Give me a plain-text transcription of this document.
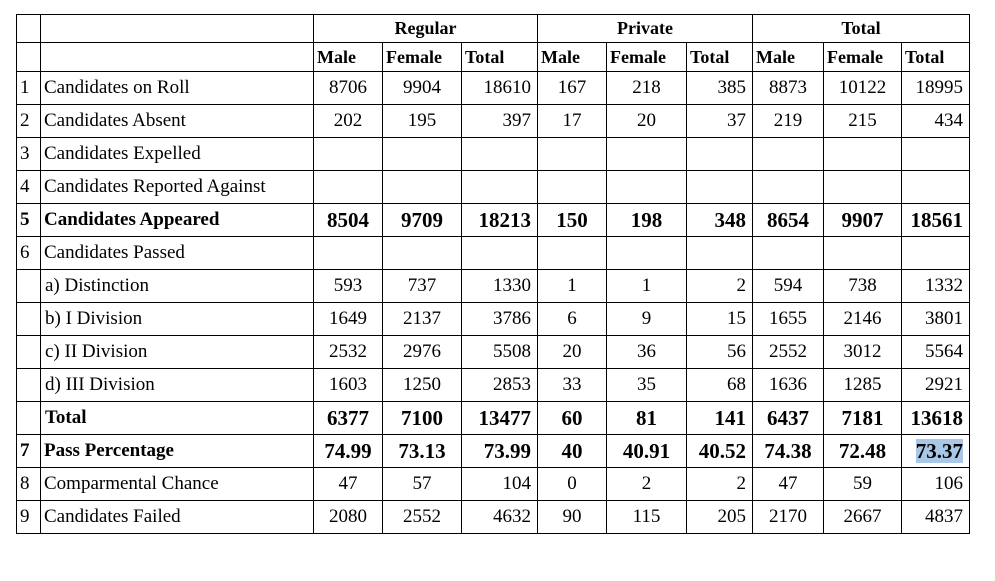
		Regular			Private			Total		
		Male	Female	Total	Male	Female	Total	Male	Female	Total
1	Candidates on Roll	8706	9904	18610	167	218	385	8873	10122	18995
2	Candidates Absent	202	195	397	17	20	37	219	215	434
3	Candidates Expelled									
4	Candidates Reported Against									
5	Candidates Appeared	8504	9709	18213	150	198	348	8654	9907	18561
6	Candidates Passed									
	a) Distinction	593	737	1330	1	1	2	594	738	1332
	b) I Division	1649	2137	3786	6	9	15	1655	2146	3801
	c) II Division	2532	2976	5508	20	36	56	2552	3012	5564
	d) III Division	1603	1250	2853	33	35	68	1636	1285	2921
	Total	6377	7100	13477	60	81	141	6437	7181	13618
7	Pass Percentage	74.99	73.13	73.99	40	40.91	40.52	74.38	72.48	73.37
8	Comparmental Chance	47	57	104	0	2	2	47	59	106
9	Candidates Failed	2080	2552	4632	90	115	205	2170	2667	4837
